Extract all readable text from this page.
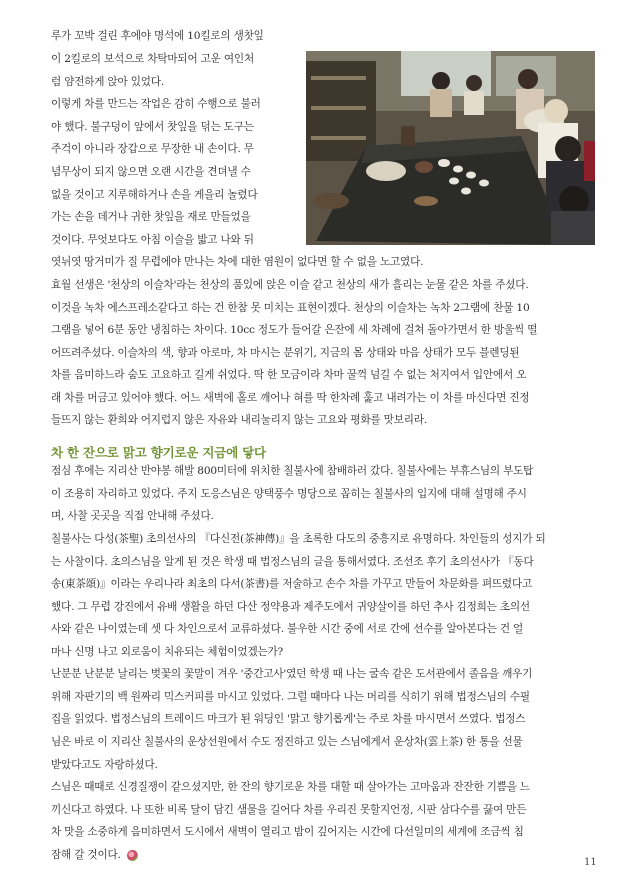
루가 꼬박 걸린 후에야 명석에 10킬로의 생찻잎
이 2킬로의 보석으로 차탁마되어 고운 여인처
럼 얌전하게 앉아 있었다.
이렇게 차를 만드는 작업은 감히 수행으로 불러
야 했다. 불구덩이 앞에서 찻잎을 덖는 도구는
주걱이 아니라 장갑으로 무장한 내 손이다. 무
념무상이 되지 않으면 오랜 시간을 견뎌낼 수
없을 것이고 지루해하거나 손을 게을리 놀렸다
가는 손을 데거나 귀한 찻잎을 재로 만들었을
것이다. 무엇보다도 아침 이슬을 밟고 나와 뒤
엿뉘엿 땅거미가 질 무렵에야 만나는 차에 대한 염원이 없다면 할 수 없을 노고였다.
효월 선생은 '천상의 이슬차'라는 천상의 품있에 앉은 이슬 같고 천상의 새가 흘리는 눈물 같은 차를 주셨다.
이것을 녹차 에스프레소같다고 하는 건 한참 못 미치는 표현이겠다. 천상의 이슬차는 녹차 2그램에 찬물 10
그램을 넣어 6분 동안 냉침하는 차이다. 10cc 정도가 들어갈 은잔에 세 차례에 걸쳐 돌아가면서 한 방울씩 떨
어뜨려주셨다. 이슬차의 색, 향과 아로마, 차 마시는 분위기, 지금의 몸 상태와 마음 상태가 모두 블렌딩된
차를 음미하느라 숨도 고요하고 길게 쉬었다. 딱 한 모금이라 차마 꿀꺽 넘길 수 없는 처지여서 입안에서 오
래 차를 머금고 있어야 했다. 어느 새벽에 홀로 깨어나 혀를 딱 한차례 훑고 내려가는 이 차를 마신다면 진정
들뜨지 않는 환희와 어지럽지 않은 자유와 내리눌리지 않는 고요와 평화를 맛보리라.
차 한 잔으로 맑고 향기로운 지금에 닿다
점심 후에는 지리산 반야봉 해발 800미터에 위치한 칠불사에 참배하러 갔다. 칠불사에는 부휴스님의 부도탑
이 조용히 자리하고 있었다. 주지 도응스님은 양택풍수 명당으로 꼽히는 칠불사의 입지에 대해 설명해 주시
며, 사찰 곳곳을 직접 안내해 주셨다.
칠불사는 다성(茶聖) 초의선사의 『다신전(茶神傳)』을 초록한 다도의 중흥지로 유명하다. 차인들의 성지가 되
는 사찰이다. 초의스님을 알게 된 것은 학생 때 법정스님의 글을 통해서였다. 조선조 후기 초의선사가 『동다
송(東茶頌)』이라는 우리나라 최초의 다서(茶書)를 저술하고 손수 차를 가꾸고 만들어 차문화를 펴뜨렸다고
했다. 그 무렵 강진에서 유배 생활을 하던 다산 정약용과 제주도에서 귀양살이를 하던 추사 김정희는 초의선
사와 같은 나이였는데 셋 다 차인으로서 교류하셨다. 불우한 시간 중에 서로 간에 선수를 알아본다는 건 얼
마나 신명 나고 외로움이 치유되는 체험이었겠는가?
난분분 난분분 날리는 벚꽃의 꽃말이 겨우 '중간고사'였던 학생 때 나는 굴속 같은 도서관에서 졸음을 깨우기
위해 자판기의 백 원짜리 믹스커피를 마시고 있었다. 그럴 때마다 나는 머리를 식히기 위해 법정스님의 수필
집을 읽었다. 법정스님의 트레이드 마크가 된 워딩인 '맑고 향기롭게'는 주로 차를 마시면서 쓰였다. 법정스
님은 바로 이 지리산 칠불사의 운상선원에서 수도 정진하고 있는 스님에게서 운상차(雲上茶) 한 통을 선물
받았다고도 자랑하셨다.
스님은 때때로 신경질쟁이 같으셨지만, 한 잔의 향기로운 차를 대할 때 살아가는 고마움과 잔잔한 기쁨을 느
끼신다고 하였다. 나 또한 비록 달이 담긴 샘물을 길어다 차를 우리진 못할지언정, 시판 삼다수를 끓여 만든
차 맛을 소중하게 음미하면서 도시에서 새벽이 열리고 밤이 깊어지는 시간에 다선일미의 세계에 조금씩 침
잠해 갈 것이다.
11
